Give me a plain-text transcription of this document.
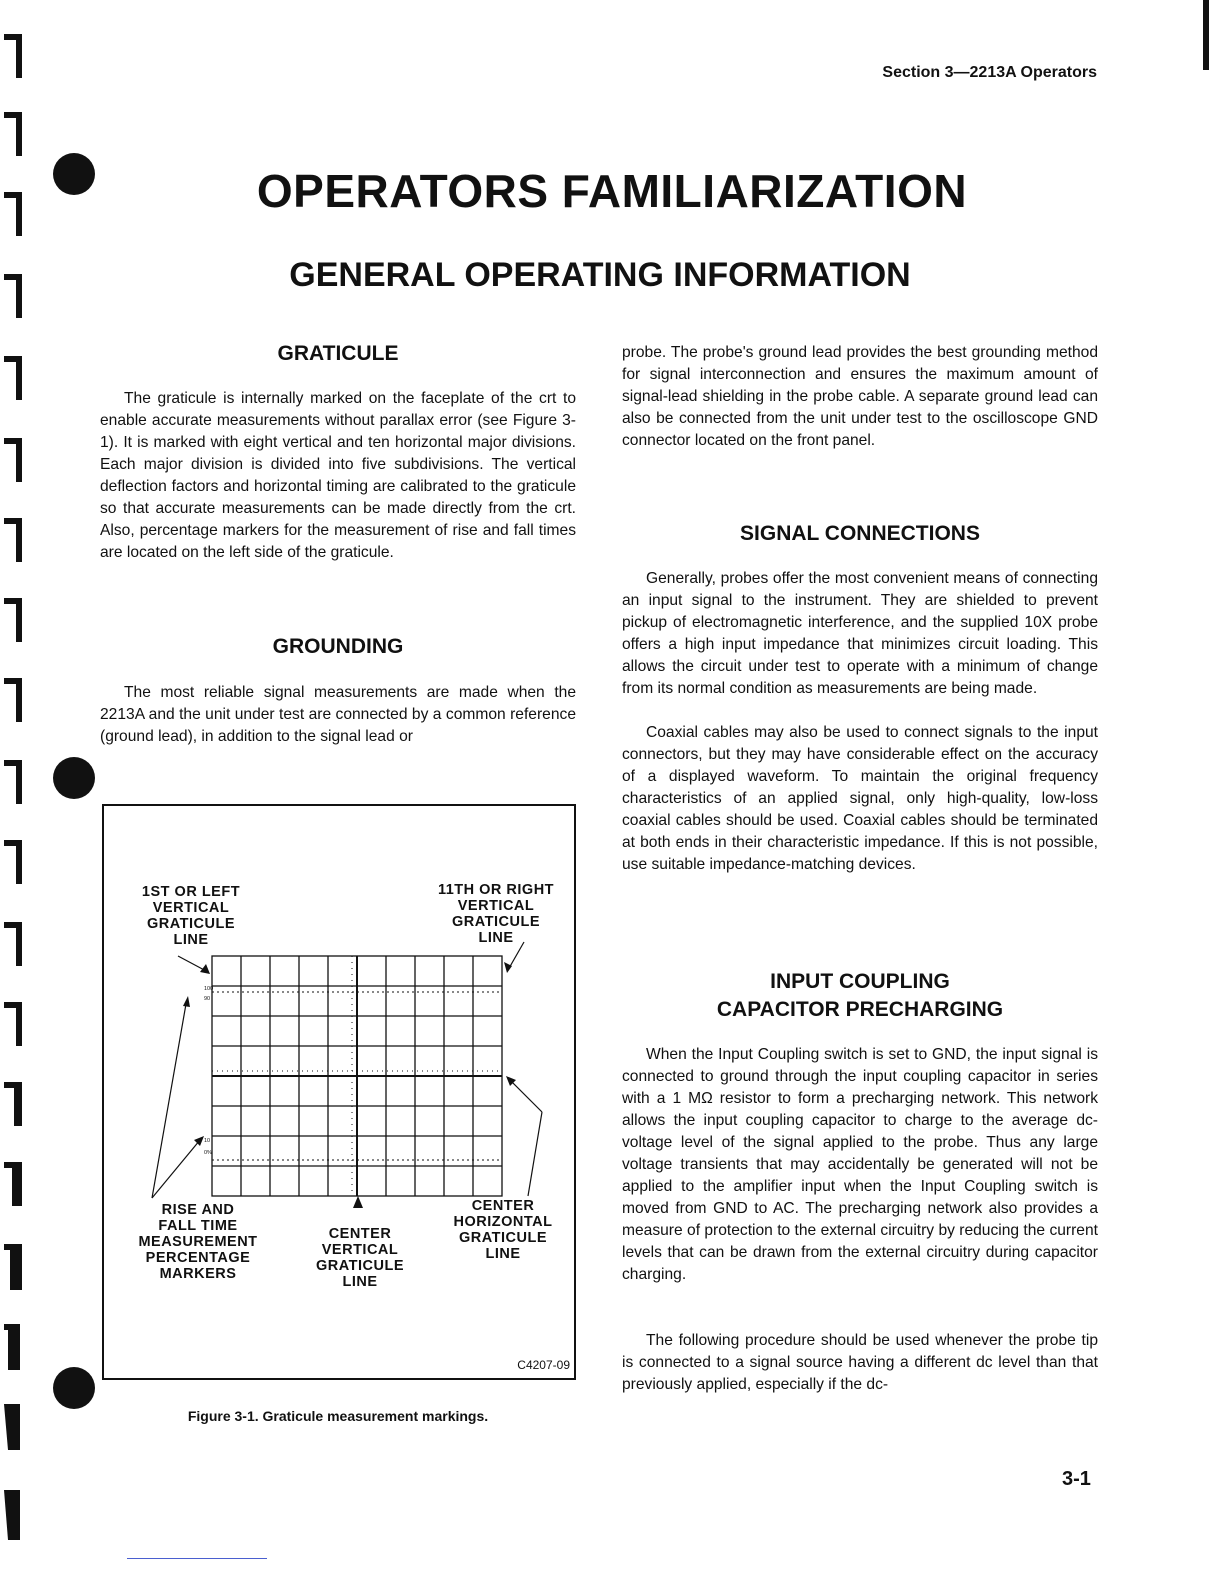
Section 3—2213A Operators
OPERATORS FAMILIARIZATION
GENERAL OPERATING INFORMATION
GRATICULE

The graticule is internally marked on the faceplate of the crt to enable accurate measurements without parallax error (see Figure 3-1). It is marked with eight vertical and ten horizontal major divisions. Each major division is divided into five subdivisions. The vertical deflection factors and horizontal timing are calibrated to the graticule so that accurate measurements can be made directly from the crt. Also, percentage markers for the measurement of rise and fall times are located on the left side of the graticule.

GROUNDING

The most reliable signal measurements are made when the 2213A and the unit under test are connected by a common reference (ground lead), in addition to the signal lead or

100
90
10
0%
1ST OR LEFT
VERTICAL
GRATICULE
LINE
11TH OR RIGHT
VERTICAL
GRATICULE
LINE
RISE AND
FALL TIME
MEASUREMENT
PERCENTAGE
MARKERS
CENTER
VERTICAL
GRATICULE
LINE
CENTER
HORIZONTAL
GRATICULE
LINE
C4207-09
Figure 3-1. Graticule measurement markings.

probe. The probe's ground lead provides the best grounding method for signal interconnection and ensures the maximum amount of signal-lead shielding in the probe cable. A separate ground lead can also be connected from the unit under test to the oscilloscope GND connector located on the front panel.

SIGNAL CONNECTIONS

Generally, probes offer the most convenient means of connecting an input signal to the instrument. They are shielded to prevent pickup of electromagnetic interference, and the supplied 10X probe offers a high input impedance that minimizes circuit loading. This allows the circuit under test to operate with a minimum of change from its normal condition as measurements are being made.

Coaxial cables may also be used to connect signals to the input connectors, but they may have considerable effect on the accuracy of a displayed waveform. To maintain the original frequency characteristics of an applied signal, only high-quality, low-loss coaxial cables should be used. Coaxial cables should be terminated at both ends in their characteristic impedance. If this is not possible, use suitable impedance-matching devices.

INPUT COUPLING
CAPACITOR PRECHARGING

When the Input Coupling switch is set to GND, the input signal is connected to ground through the input coupling capacitor in series with a 1 MΩ resistor to form a precharging network. This network allows the input coupling capacitor to charge to the average dc-voltage level of the signal applied to the probe. Thus any large voltage transients that may accidentally be generated will not be applied to the amplifier input when the Input Coupling switch is moved from GND to AC. The precharging network also provides a measure of protection to the external circuitry by reducing the current levels that can be drawn from the external circuitry during capacitor charging.

The following procedure should be used whenever the probe tip is connected to a signal source having a different dc level than that previously applied, especially if the dc-

3-1
